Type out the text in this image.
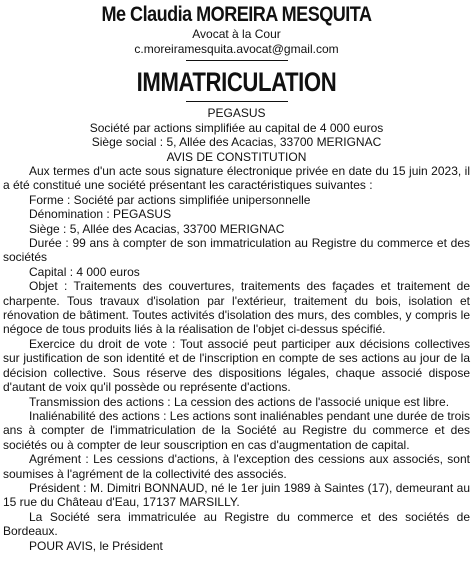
Me Claudia MOREIRA MESQUITA
Avocat à la Cour
c.moreiramesquita.avocat@gmail.com
IMMATRICULATION
PEGASUS
Société par actions simplifiée au capital de 4 000 euros
Siège social : 5, Allée des Acacias, 33700 MERIGNAC
AVIS DE CONSTITUTION

Aux termes d'un acte sous signature électronique privée en date du 15 juin 2023, il a été constitué une société présentant les caractéristiques suivantes :

Forme : Société par actions simplifiée unipersonnelle

Dénomination : PEGASUS

Siège : 5, Allée des Acacias, 33700 MERIGNAC

Durée : 99 ans à compter de son immatriculation au Registre du commerce et des sociétés

Capital : 4 000 euros

Objet : Traitements des couvertures, traitements des façades et traitement de charpente. Tous travaux d'isolation par l'extérieur, traitement du bois, isolation et rénovation de bâtiment. Toutes activités d'isolation des murs, des combles, y compris le négoce de tous produits liés à la réalisation de l'objet ci-dessus spécifié.

Exercice du droit de vote : Tout associé peut participer aux décisions collectives sur justification de son identité et de l'inscription en compte de ses actions au jour de la décision collective. Sous réserve des dispositions légales, chaque associé dispose d'autant de voix qu'il possède ou représente d'actions.

Transmission des actions : La cession des actions de l'associé unique est libre.

Inaliénabilité des actions : Les actions sont inaliénables pendant une durée de trois ans à compter de l'immatriculation de la Société au Registre du commerce et des sociétés ou à compter de leur souscription en cas d'augmentation de capital.

Agrément : Les cessions d'actions, à l'exception des cessions aux associés, sont soumises à l'agrément de la collectivité des associés.

Président : M. Dimitri BONNAUD, né le 1er juin 1989 à Saintes (17), demeurant au 15 rue du Château d'Eau, 17137 MARSILLY.

La Société sera immatriculée au Registre du commerce et des sociétés de Bordeaux.

POUR AVIS, le Président
